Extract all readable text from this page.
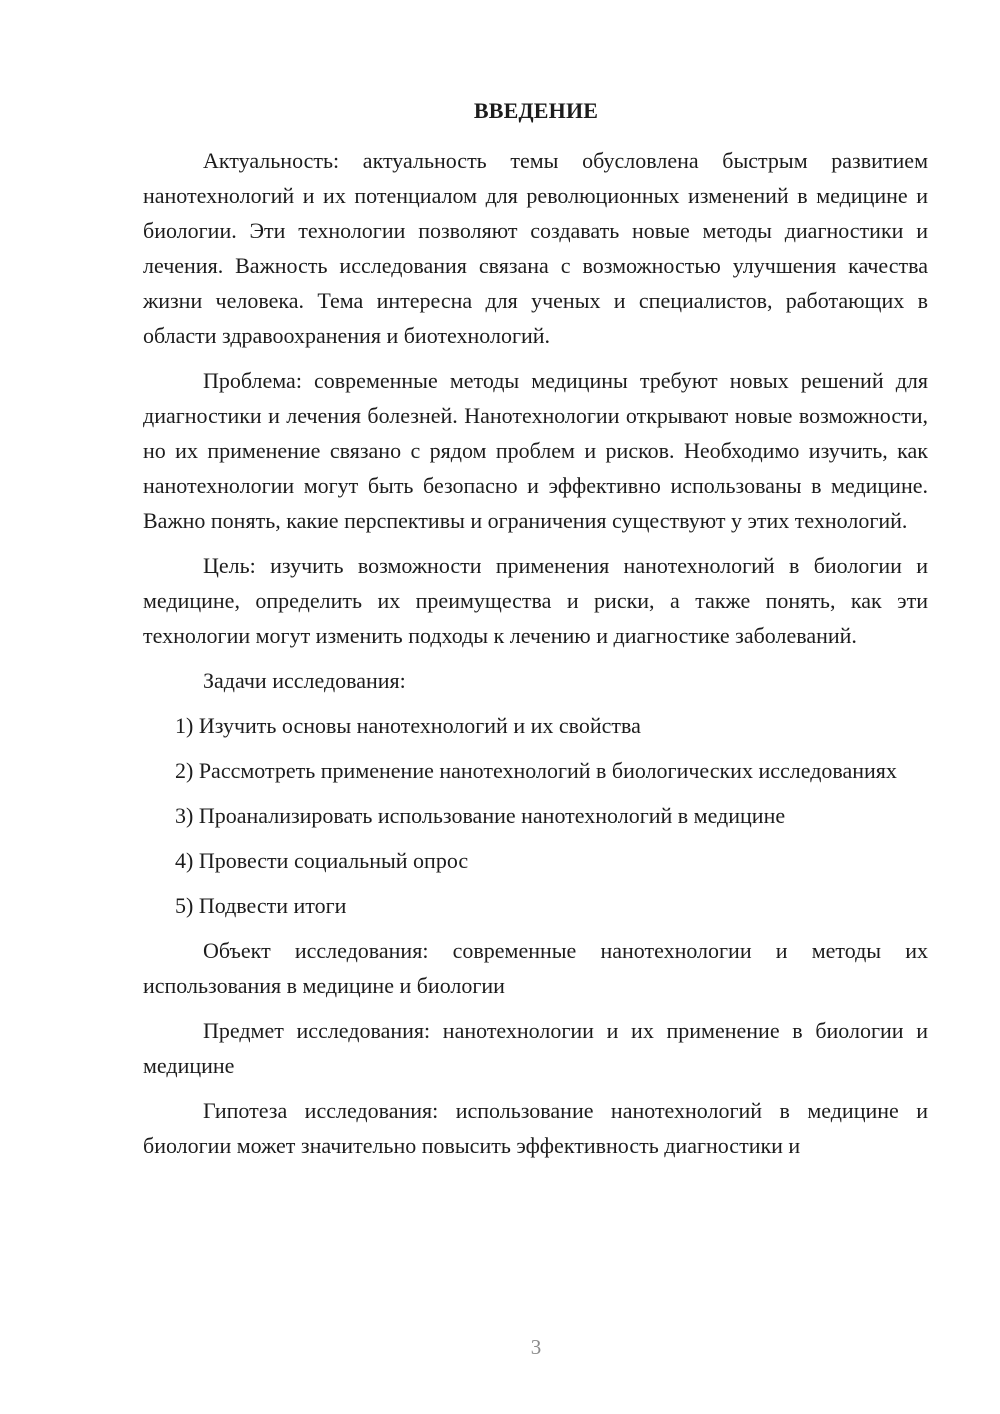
ВВЕДЕНИЕ

Актуальность: актуальность темы обусловлена быстрым развитием нанотехнологий и их потенциалом для революционных изменений в медицине и биологии. Эти технологии позволяют создавать новые методы диагностики и лечения. Важность исследования связана с возможностью улучшения качества жизни человека. Тема интересна для ученых и специалистов, работающих в области здравоохранения и биотехнологий.

Проблема: современные методы медицины требуют новых решений для диагностики и лечения болезней. Нанотехнологии открывают новые возможности, но их применение связано с рядом проблем и рисков. Необходимо изучить, как нанотехнологии могут быть безопасно и эффективно использованы в медицине. Важно понять, какие перспективы и ограничения существуют у этих технологий.

Цель: изучить возможности применения нанотехнологий в биологии и медицине, определить их преимущества и риски, а также понять, как эти технологии могут изменить подходы к лечению и диагностике заболеваний.

Задачи исследования:

1) Изучить основы нанотехнологий и их свойства

2) Рассмотреть применение нанотехнологий в биологических исследованиях

3) Проанализировать использование нанотехнологий в медицине

4) Провести социальный опрос

5) Подвести итоги

Объект исследования: современные нанотехнологии и методы их использования в медицине и биологии

Предмет исследования: нанотехнологии и их применение в биологии и медицине

Гипотеза исследования: использование нанотехнологий в медицине и биологии может значительно повысить эффективность диагностики и

3
